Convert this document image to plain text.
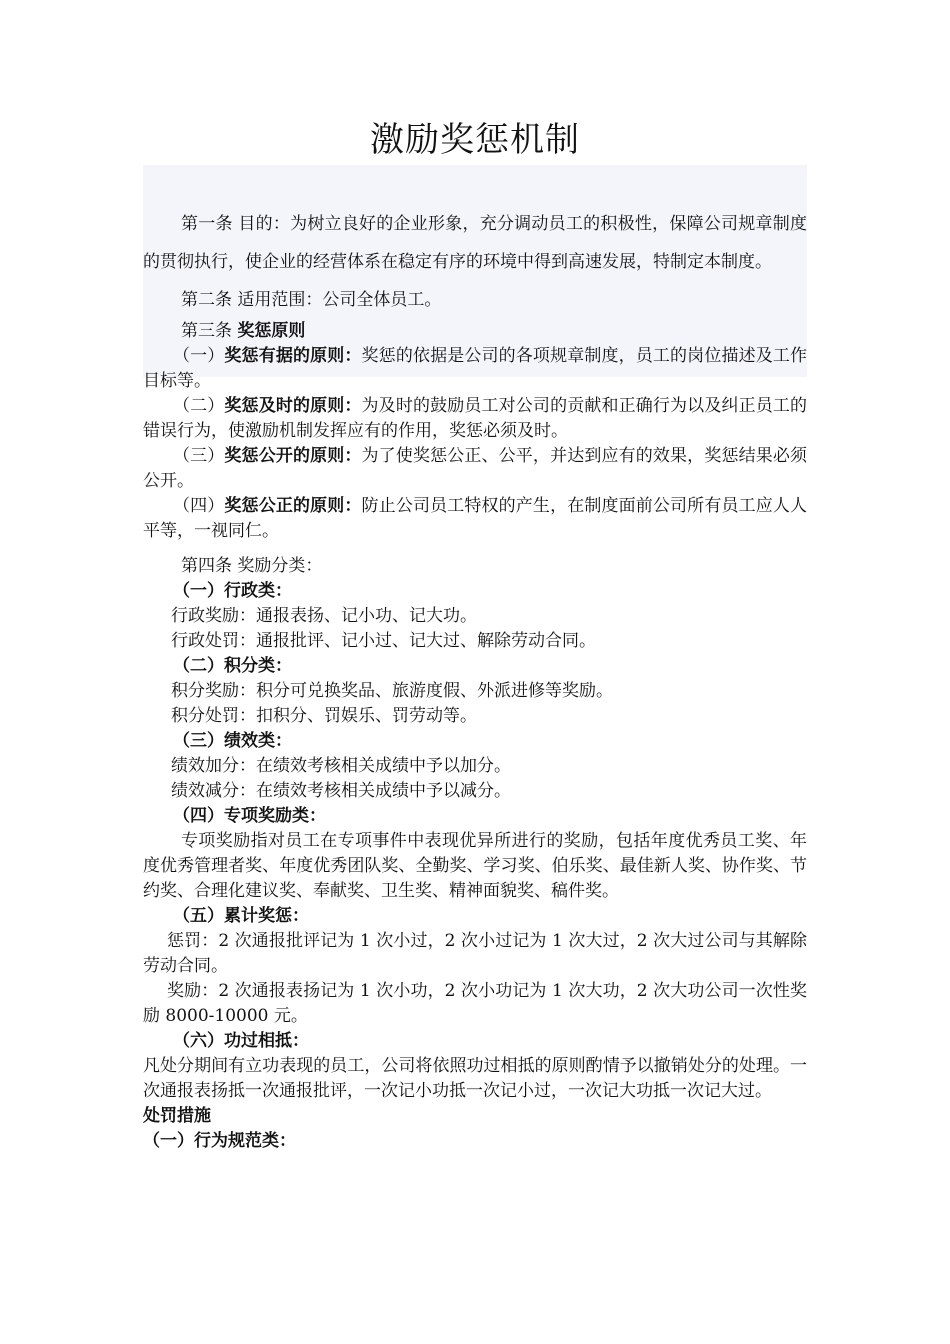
激励奖惩机制

第一条 目的：为树立良好的企业形象，充分调动员工的积极性，保障公司规章制度的贯彻执行，使企业的经营体系在稳定有序的环境中得到高速发展，特制定本制度。

第二条 适用范围：公司全体员工。

第三条 奖惩原则

（一）奖惩有据的原则：奖惩的依据是公司的各项规章制度，员工的岗位描述及工作目标等。

（二）奖惩及时的原则：为及时的鼓励员工对公司的贡献和正确行为以及纠正员工的错误行为，使激励机制发挥应有的作用，奖惩必须及时。

（三）奖惩公开的原则：为了使奖惩公正、公平，并达到应有的效果，奖惩结果必须公开。

（四）奖惩公正的原则：防止公司员工特权的产生，在制度面前公司所有员工应人人平等，一视同仁。

第四条 奖励分类：

（一）行政类：

行政奖励：通报表扬、记小功、记大功。

行政处罚：通报批评、记小过、记大过、解除劳动合同。

（二）积分类：

积分奖励：积分可兑换奖品、旅游度假、外派进修等奖励。

积分处罚：扣积分、罚娱乐、罚劳动等。

（三）绩效类：

绩效加分：在绩效考核相关成绩中予以加分。

绩效减分：在绩效考核相关成绩中予以减分。

（四）专项奖励类：

专项奖励指对员工在专项事件中表现优异所进行的奖励，包括年度优秀员工奖、年度优秀管理者奖、年度优秀团队奖、全勤奖、学习奖、伯乐奖、最佳新人奖、协作奖、节约奖、合理化建议奖、奉献奖、卫生奖、精神面貌奖、稿件奖。

（五）累计奖惩：

惩罚：2 次通报批评记为 1 次小过，2 次小过记为 1 次大过，2 次大过公司与其解除劳动合同。

奖励：2 次通报表扬记为 1 次小功，2 次小功记为 1 次大功，2 次大功公司一次性奖励 8000-10000 元。

（六）功过相抵：

凡处分期间有立功表现的员工，公司将依照功过相抵的原则酌情予以撤销处分的处理。一次通报表扬抵一次通报批评，一次记小功抵一次记小过，一次记大功抵一次记大过。

处罚措施

（一）行为规范类：
